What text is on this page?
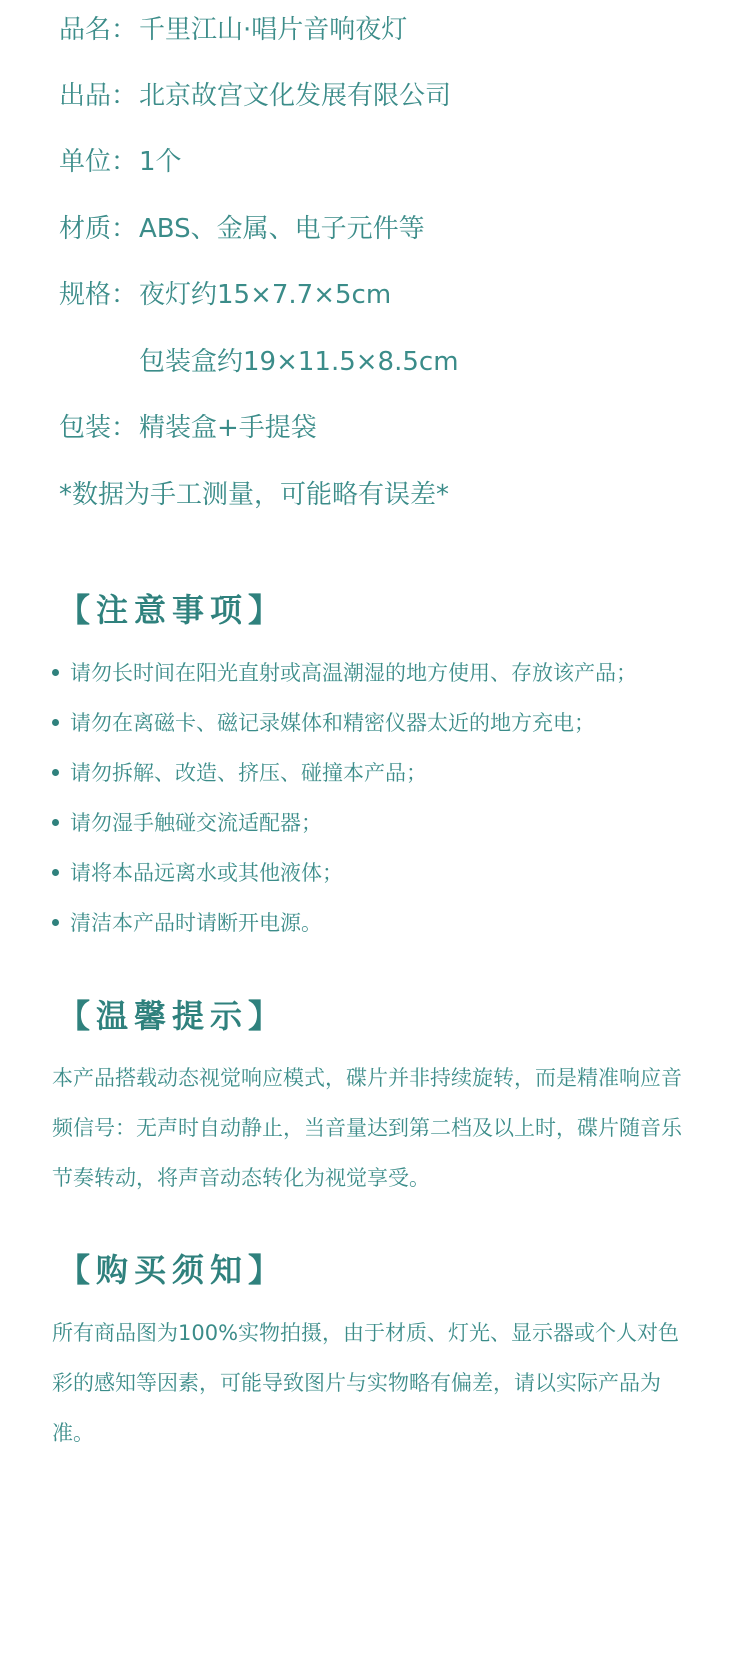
品名：千里江山·唱片音响夜灯
出品：北京故宫文化发展有限公司
单位：1个
材质：ABS、金属、电子元件等
规格：夜灯约15×7.7×5cm
包装盒约19×11.5×8.5cm
包装：精装盒+手提袋
*数据为手工测量，可能略有误差*
【注意事项】
请勿长时间在阳光直射或高温潮湿的地方使用、存放该产品；
请勿在离磁卡、磁记录媒体和精密仪器太近的地方充电；
请勿拆解、改造、挤压、碰撞本产品；
请勿湿手触碰交流适配器；
请将本品远离水或其他液体；
清洁本产品时请断开电源。
【温馨提示】

本产品搭载动态视觉响应模式，碟片并非持续旋转，而是精准响应音频信号：无声时自动静止，当音量达到第二档及以上时，碟片随音乐节奏转动，将声音动态转化为视觉享受。

【购买须知】

所有商品图为100%实物拍摄，由于材质、灯光、显示器或个人对色彩的感知等因素，可能导致图片与实物略有偏差，请以实际产品为准。
